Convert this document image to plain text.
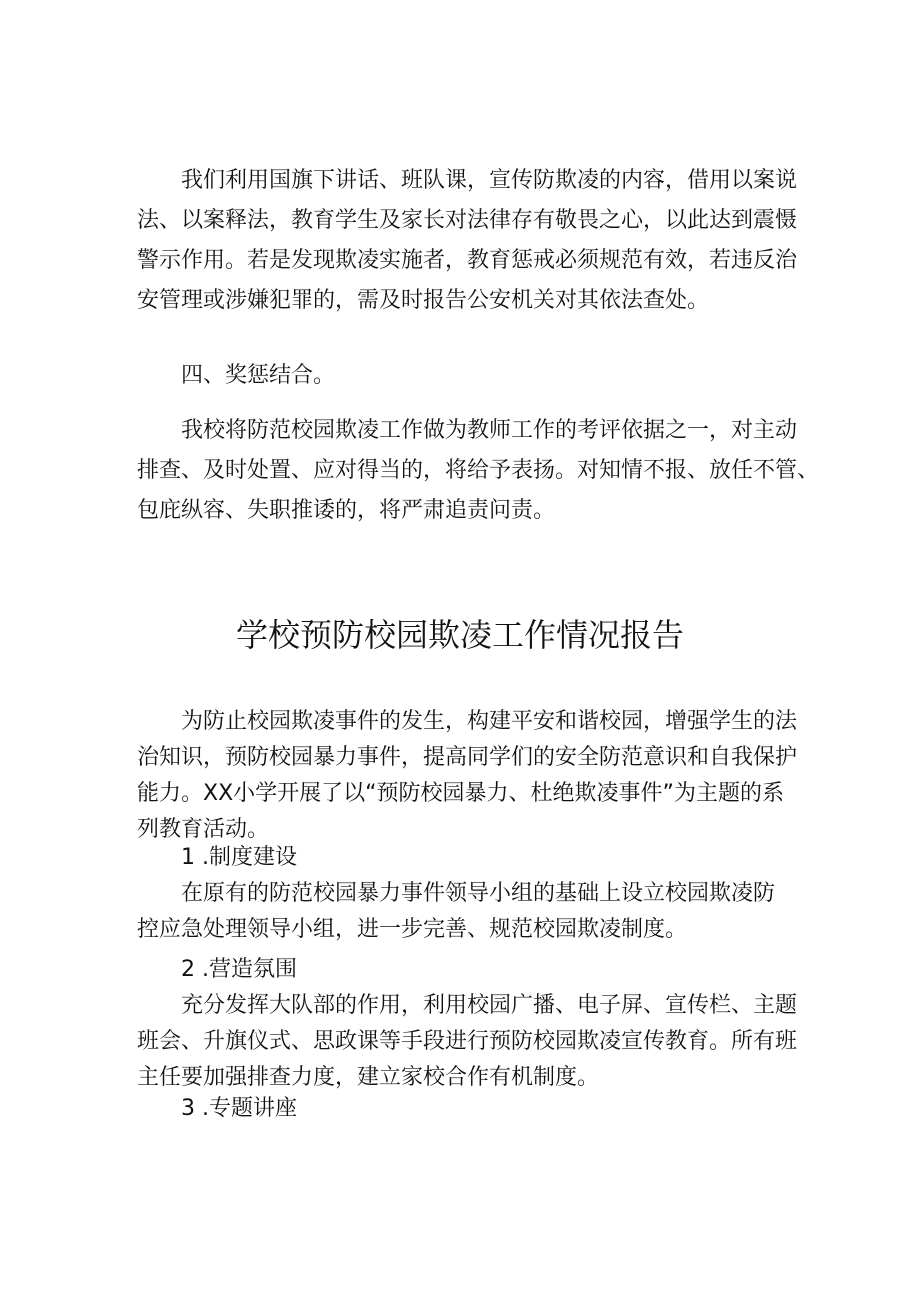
我们利用国旗下讲话、班队课，宣传防欺凌的内容，借用以案说
法、以案释法，教育学生及家长对法律存有敬畏之心，以此达到震慑
警示作用。若是发现欺凌实施者，教育惩戒必须规范有效，若违反治
安管理或涉嫌犯罪的，需及时报告公安机关对其依法查处。
四、奖惩结合。
我校将防范校园欺凌工作做为教师工作的考评依据之一，对主动
排查、及时处置、应对得当的，将给予表扬。对知情不报、放任不管、
包庇纵容、失职推诿的，将严肃追责问责。
学校预防校园欺凌工作情况报告
为防止校园欺凌事件的发生，构建平安和谐校园，增强学生的法
治知识，预防校园暴力事件，提高同学们的安全防范意识和自我保护
能力。XX小学开展了以“预防校园暴力、杜绝欺凌事件”为主题的系
列教育活动。
1 .制度建设
在原有的防范校园暴力事件领导小组的基础上设立校园欺凌防
控应急处理领导小组，进一步完善、规范校园欺凌制度。
2 .营造氛围
充分发挥大队部的作用，利用校园广播、电子屏、宣传栏、主题
班会、升旗仪式、思政课等手段进行预防校园欺凌宣传教育。所有班
主任要加强排查力度，建立家校合作有机制度。
3 .专题讲座
